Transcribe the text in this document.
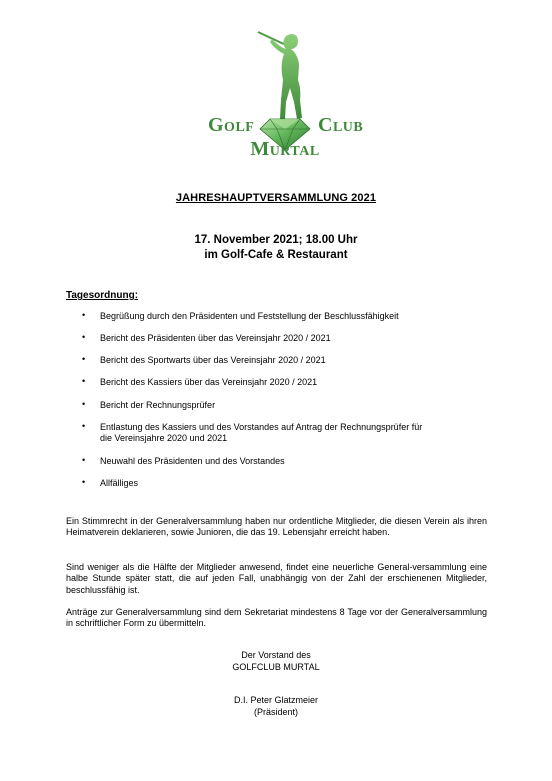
Golf	Club
Murtal
JAHRESHAUPTVERSAMMLUNG 2021
17. November 2021; 18.00 Uhr
im Golf-Cafe & Restaurant
Tagesordnung:
• Begrüßung durch den Präsidenten und Feststellung der Beschlussfähigkeit
• Bericht des Präsidenten über das Vereinsjahr 2020 / 2021
• Bericht des Sportwarts über das Vereinsjahr 2020 / 2021
• Bericht des Kassiers über das Vereinsjahr 2020 / 2021
• Bericht der Rechnungsprüfer
• Entlastung des Kassiers und des Vorstandes auf Antrag der Rechnungsprüfer für
die Vereinsjahre 2020 und 2021
• Neuwahl des Präsidenten und des Vorstandes
• Allfälliges
Ein Stimmrecht in der Generalversammlung haben nur ordentliche Mitglieder, die diesen Verein als ihren Heimatverein deklarieren, sowie Junioren, die das 19. Lebensjahr erreicht haben.
Sind weniger als die Hälfte der Mitglieder anwesend, findet eine neuerliche General-versammlung eine halbe Stunde später statt, die auf jeden Fall, unabhängig von der Zahl der erschienenen Mitglieder, beschlussfähig ist.
Anträge zur Generalversammlung sind dem Sekretariat mindestens 8 Tage vor der Generalversammlung in schriftlicher Form zu übermitteln.
Der Vorstand des
GOLFCLUB MURTAL
D.I. Peter Glatzmeier
(Präsident)
